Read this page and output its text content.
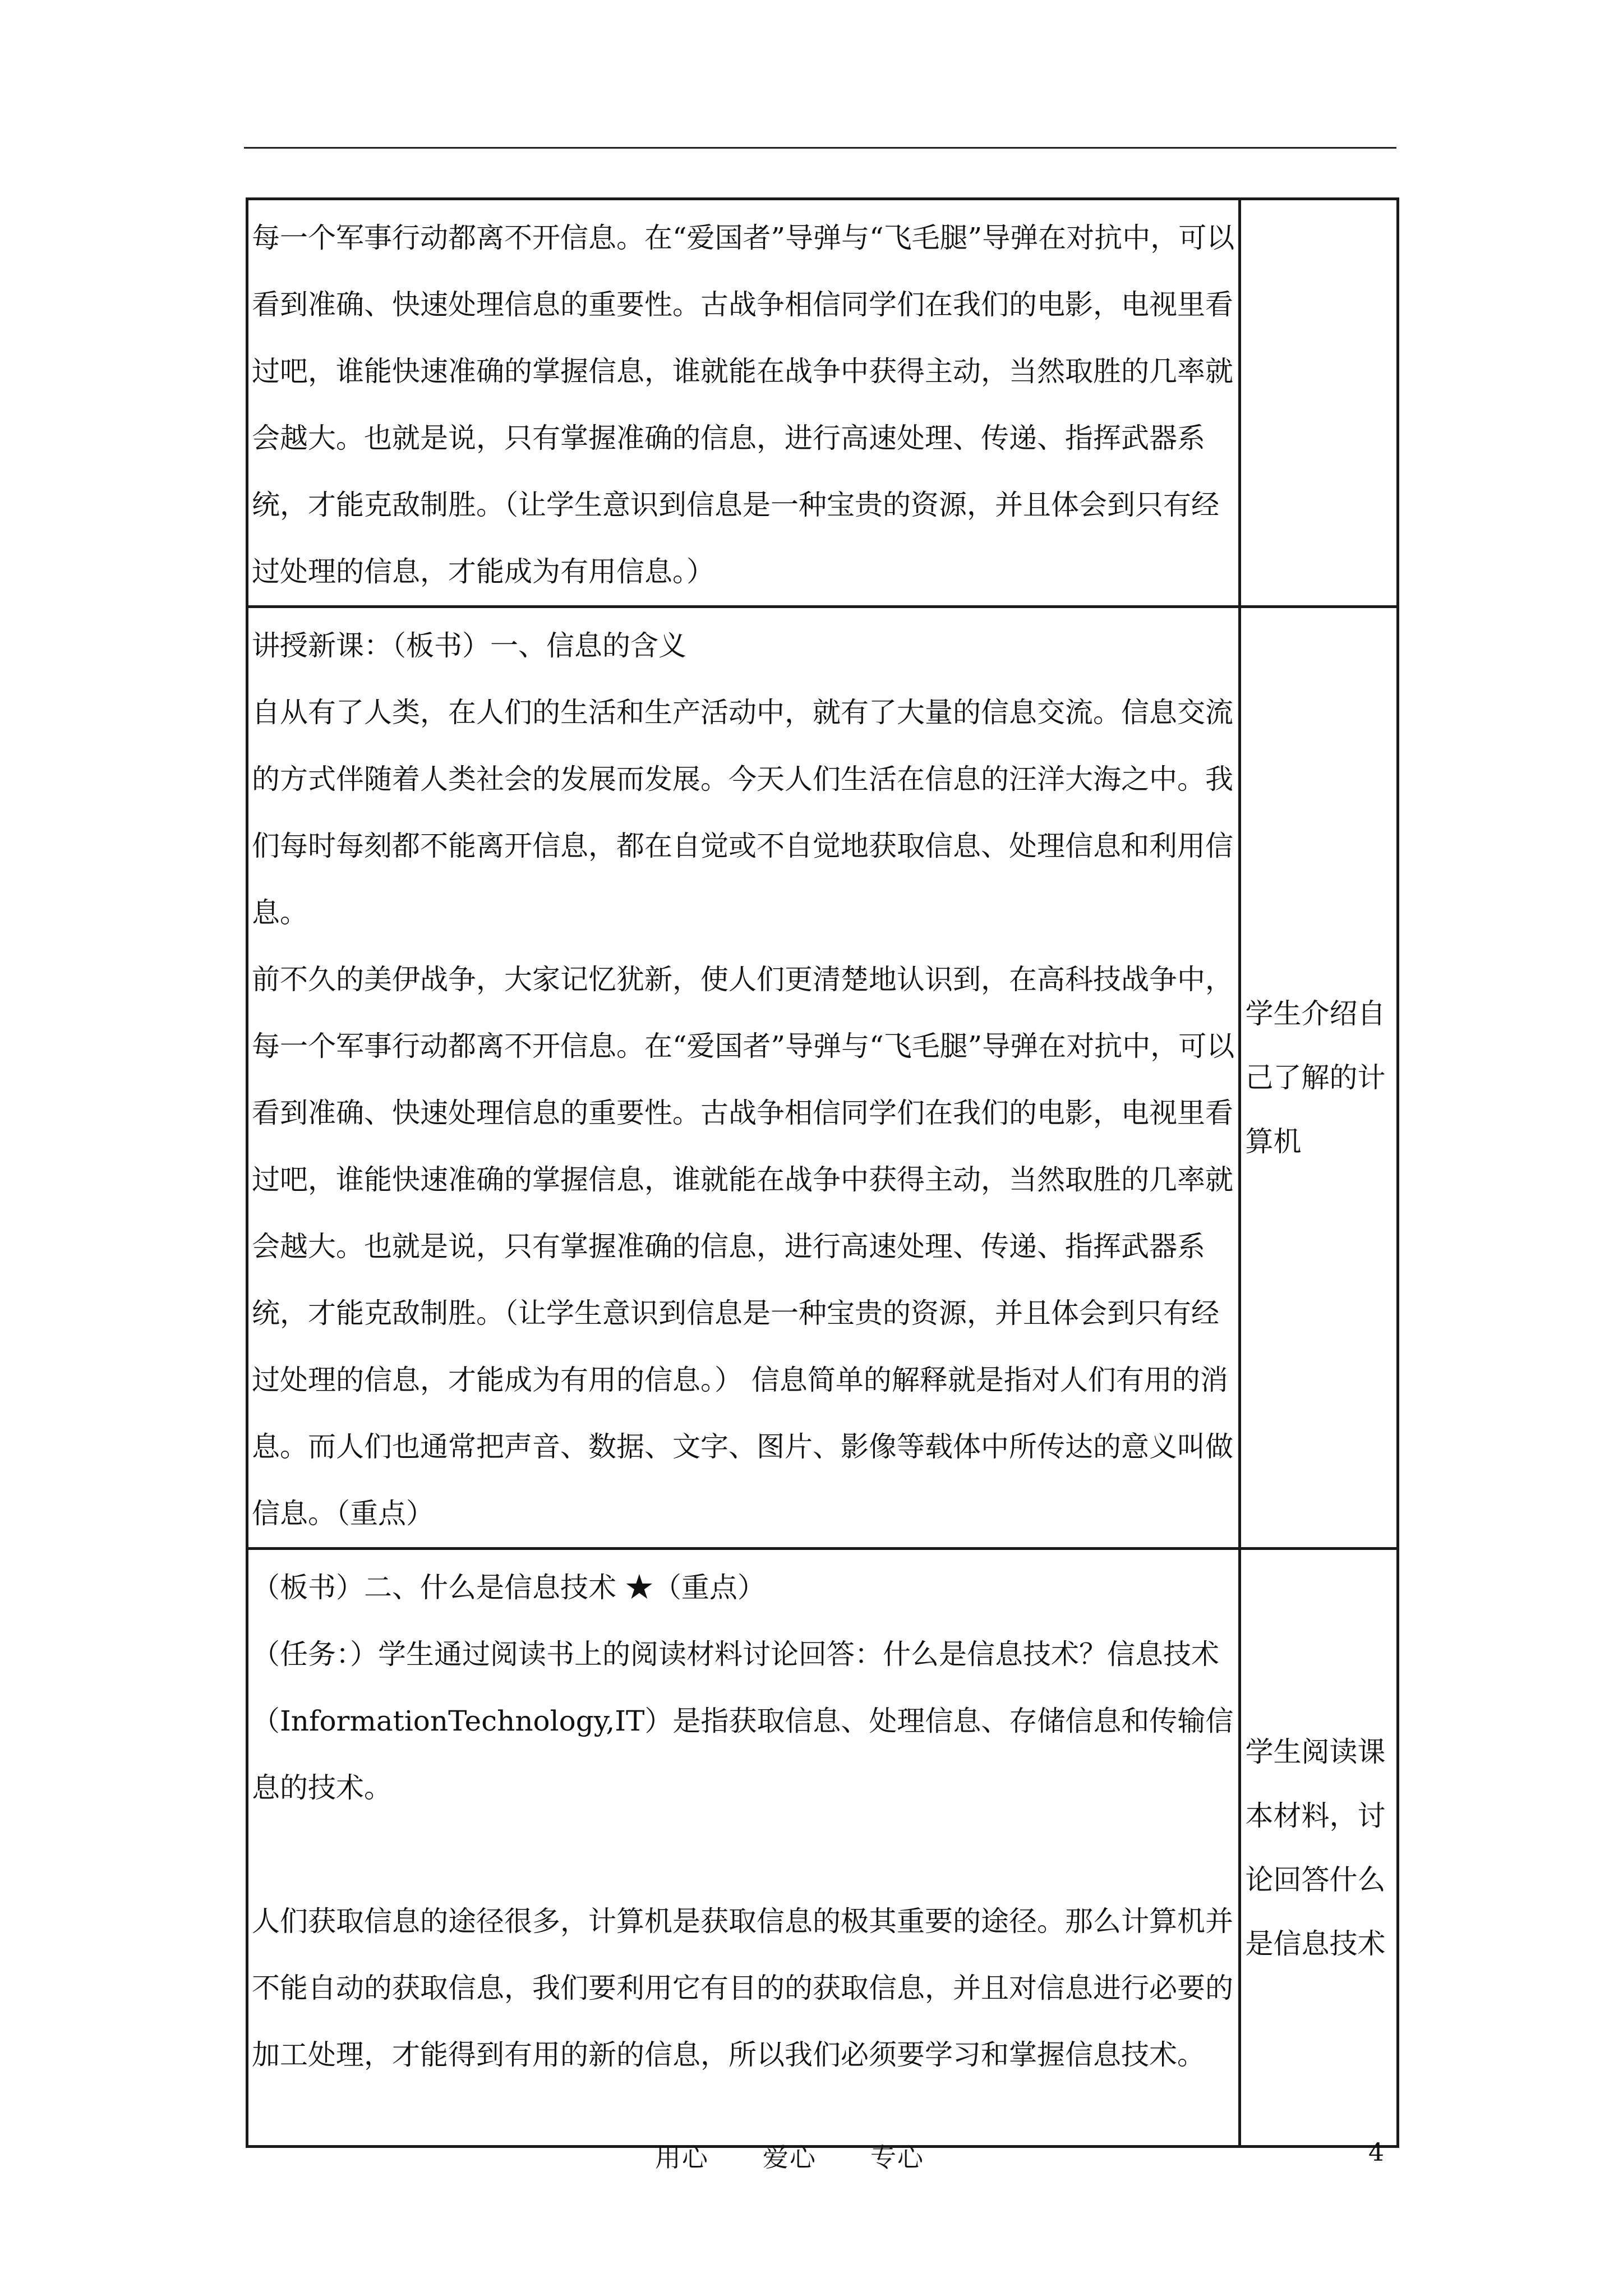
每一个军事行动都离不开信息。在“爱国者”导弹与“飞毛腿”导弹在对抗中，可以看到准确、快速处理信息的重要性。古战争相信同学们在我们的电影，电视里看过吧，谁能快速准确的掌握信息，谁就能在战争中获得主动，当然取胜的几率就会越大。也就是说，只有掌握准确的信息，进行高速处理、传递、指挥武器系统，才能克敌制胜。（让学生意识到信息是一种宝贵的资源，并且体会到只有经过处理的信息，才能成为有用信息。）	

讲授新课：（板书）一、信息的含义

自从有了人类，在人们的生活和生产活动中，就有了大量的信息交流。信息交流的方式伴随着人类社会的发展而发展。今天人们生活在信息的汪洋大海之中。我们每时每刻都不能离开信息，都在自觉或不自觉地获取信息、处理信息和利用信息。

前不久的美伊战争，大家记忆犹新，使人们更清楚地认识到，在高科技战争中，每一个军事行动都离不开信息。在“爱国者”导弹与“飞毛腿”导弹在对抗中，可以看到准确、快速处理信息的重要性。古战争相信同学们在我们的电影，电视里看过吧，谁能快速准确的掌握信息，谁就能在战争中获得主动，当然取胜的几率就会越大。也就是说，只有掌握准确的信息，进行高速处理、传递、指挥武器系统，才能克敌制胜。（让学生意识到信息是一种宝贵的资源，并且体会到只有经过处理的信息，才能成为有用的信息。） 信息简单的解释就是指对人们有用的消息。而人们也通常把声音、数据、文字、图片、影像等载体中所传达的意义叫做信息。（重点）	学生介绍自己了解的计算机

（板书）二、什么是信息技术 ★（重点）

（任务：）学生通过阅读书上的阅读材料讨论回答：什么是信息技术？信息技术（InformationTechnology,IT）是指获取信息、处理信息、存储信息和传输信息的技术。

人们获取信息的途径很多，计算机是获取信息的极其重要的途径。那么计算机并不能自动的获取信息，我们要利用它有目的的获取信息，并且对信息进行必要的加工处理，才能得到有用的新的信息，所以我们必须要学习和掌握信息技术。	学生阅读课本材料，讨论回答什么是信息技术
用心　　爱心　　专心	4
